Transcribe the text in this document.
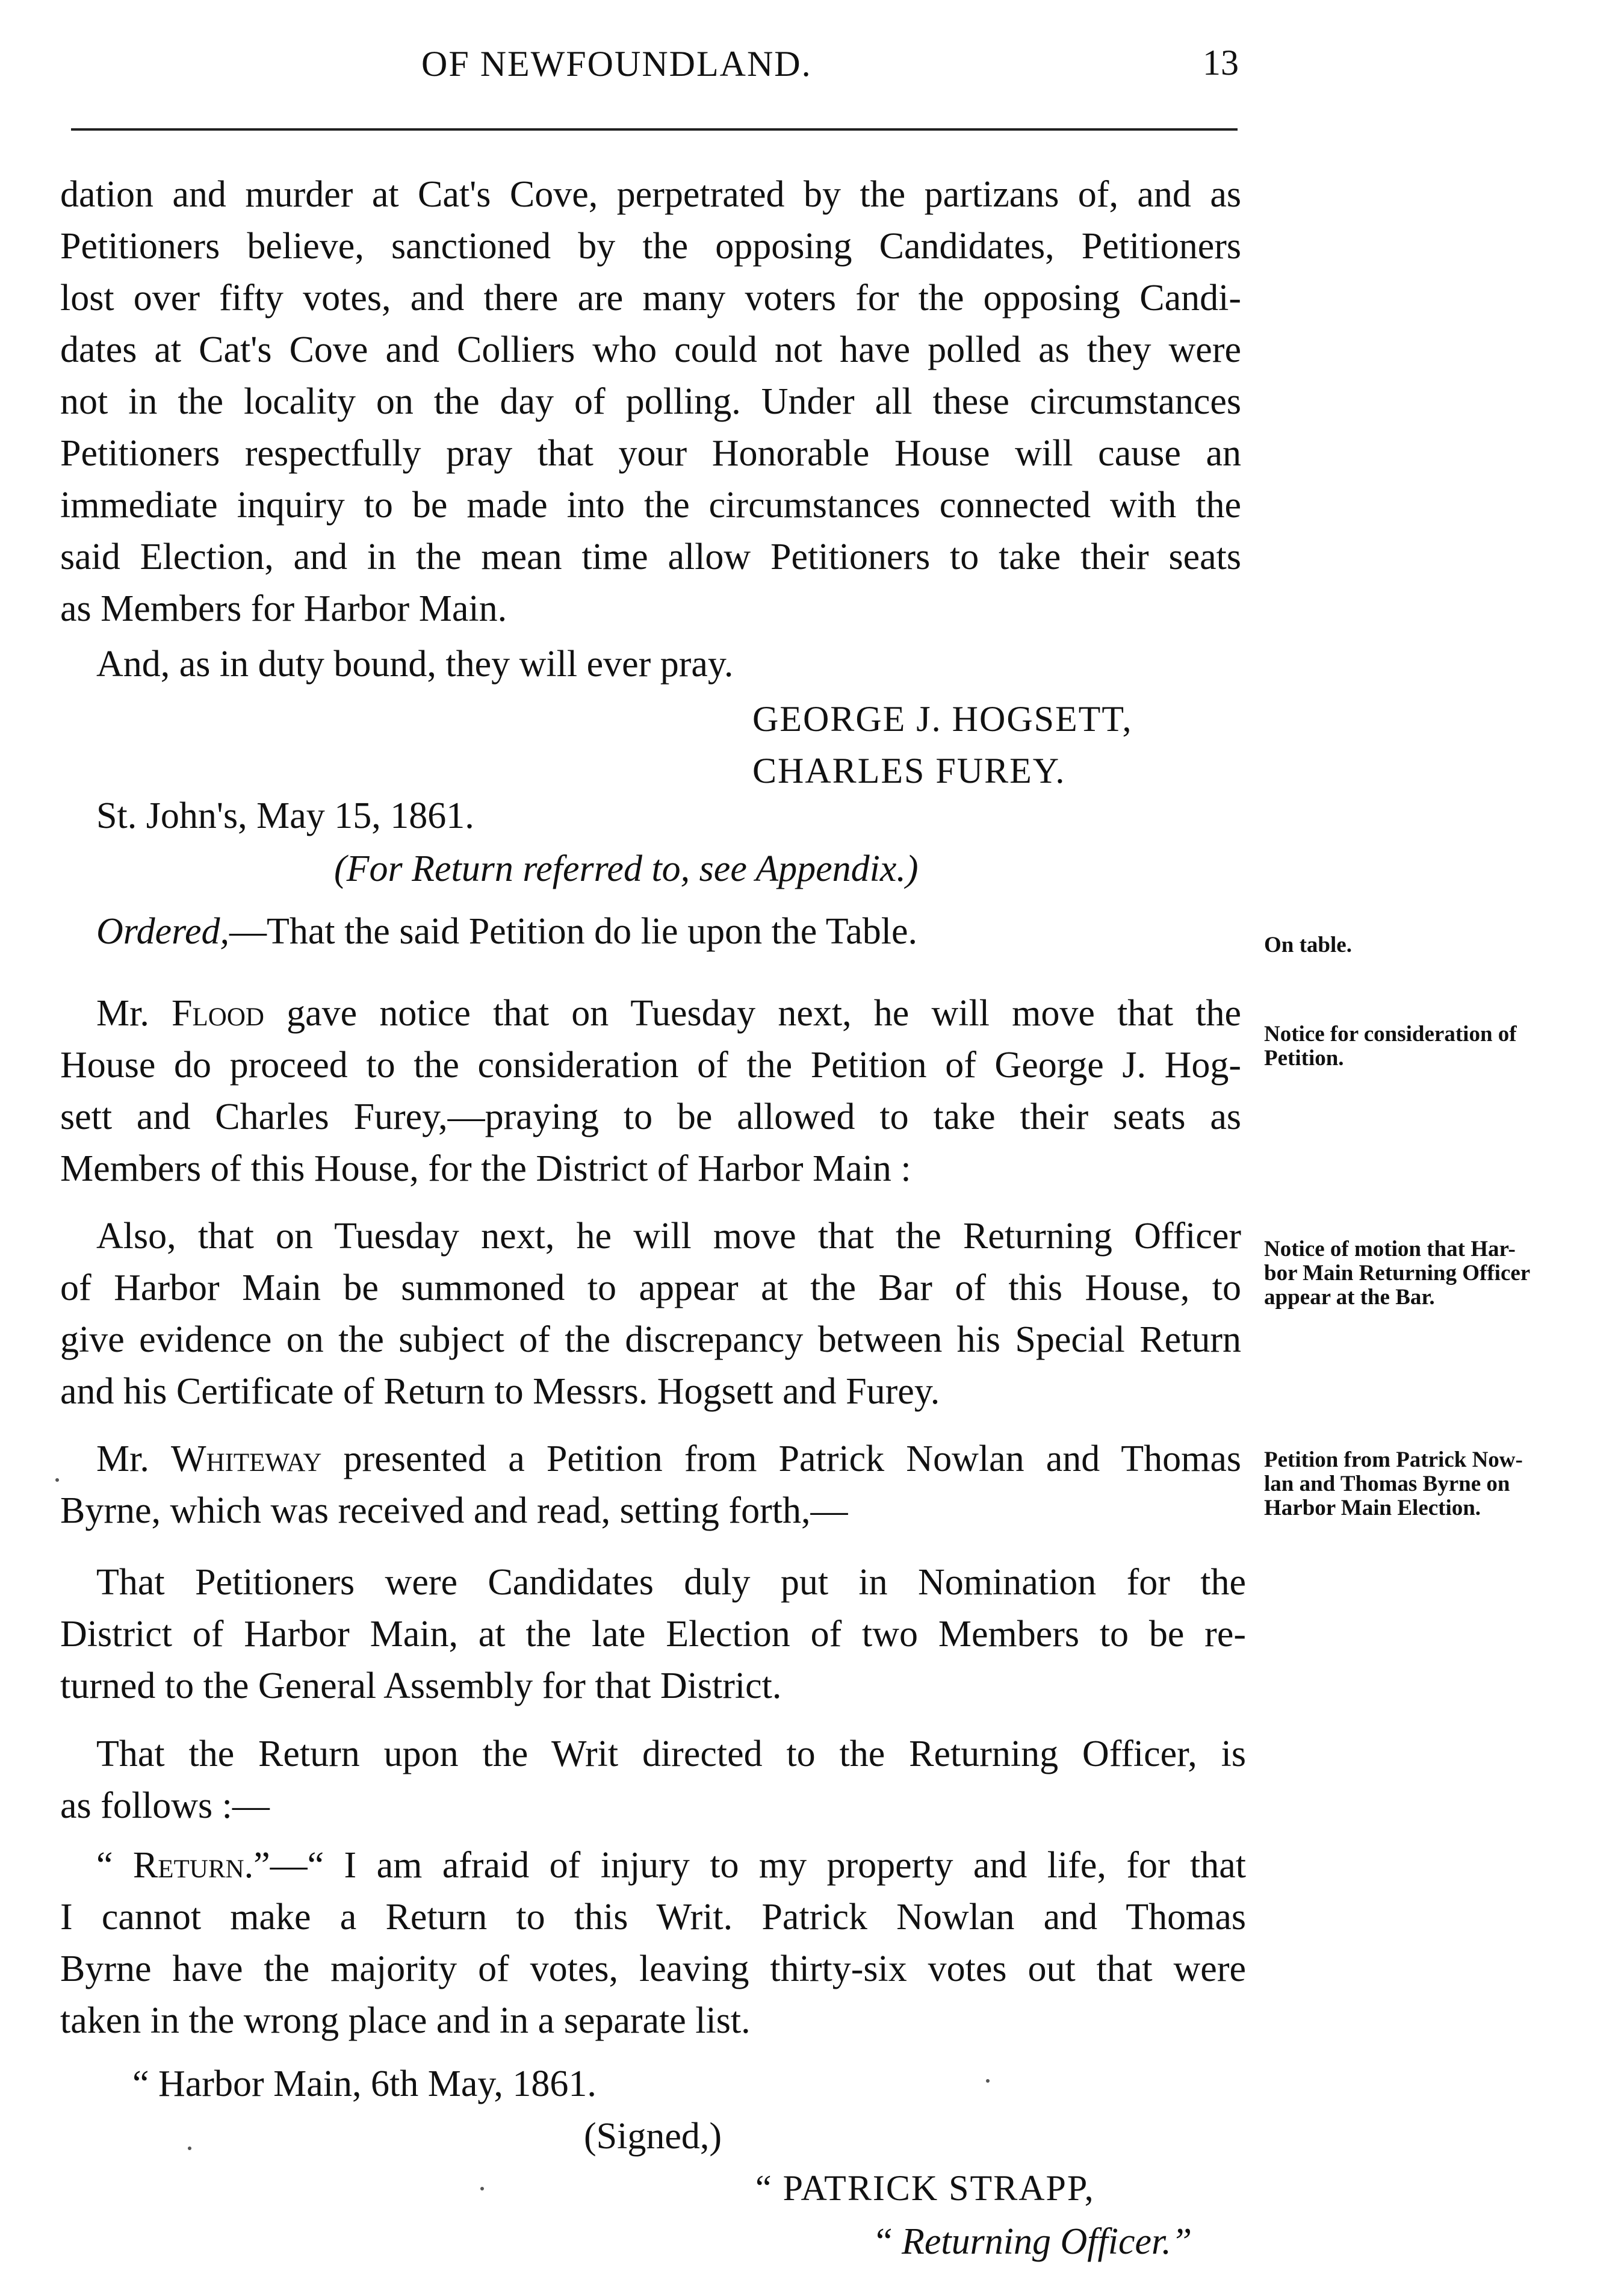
OF NEWFOUNDLAND.	13
dation and murder at Cat's Cove, perpetrated by the partizans of, and as
Petitioners believe, sanctioned by the opposing Candidates, Petitioners
lost over fifty votes, and there are many voters for the opposing Candi-
dates at Cat's Cove and Colliers who could not have polled as they were
not in the locality on the day of polling. Under all these circumstances
Petitioners respectfully pray that your Honorable House will cause an
immediate inquiry to be made into the circumstances connected with the
said Election, and in the mean time allow Petitioners to take their seats
as Members for Harbor Main.
And, as in duty bound, they will ever pray.
GEORGE J. HOGSETT,
CHARLES FUREY.
St. John's, May 15, 1861.
(For Return referred to, see Appendix.)
Ordered,—That the said Petition do lie upon the Table.	On table.
Mr. Flood gave notice that on Tuesday next, he will move that the
House do proceed to the consideration of the Petition of George J. Hog-
sett and Charles Furey,—praying to be allowed to take their seats as
Members of this House, for the District of Harbor Main :
Notice for consideration of
Petition.
Also, that on Tuesday next, he will move that the Returning Officer
of Harbor Main be summoned to appear at the Bar of this House, to
give evidence on the subject of the discrepancy between his Special Return
and his Certificate of Return to Messrs. Hogsett and Furey.
Notice of motion that Har-
bor Main Returning Officer
appear at the Bar.
Mr. Whiteway presented a Petition from Patrick Nowlan and Thomas
Byrne, which was received and read, setting forth,—
Petition from Patrick Now-
lan and Thomas Byrne on
Harbor Main Election.
That Petitioners were Candidates duly put in Nomination for the
District of Harbor Main, at the late Election of two Members to be re-
turned to the General Assembly for that District.
That the Return upon the Writ directed to the Returning Officer, is
as follows :—
“ Return.”—“ I am afraid of injury to my property and life, for that
I cannot make a Return to this Writ. Patrick Nowlan and Thomas
Byrne have the majority of votes, leaving thirty-six votes out that were
taken in the wrong place and in a separate list.
“ Harbor Main, 6th May, 1861.
(Signed,)
“ PATRICK STRAPP,
“ Returning Officer.”
